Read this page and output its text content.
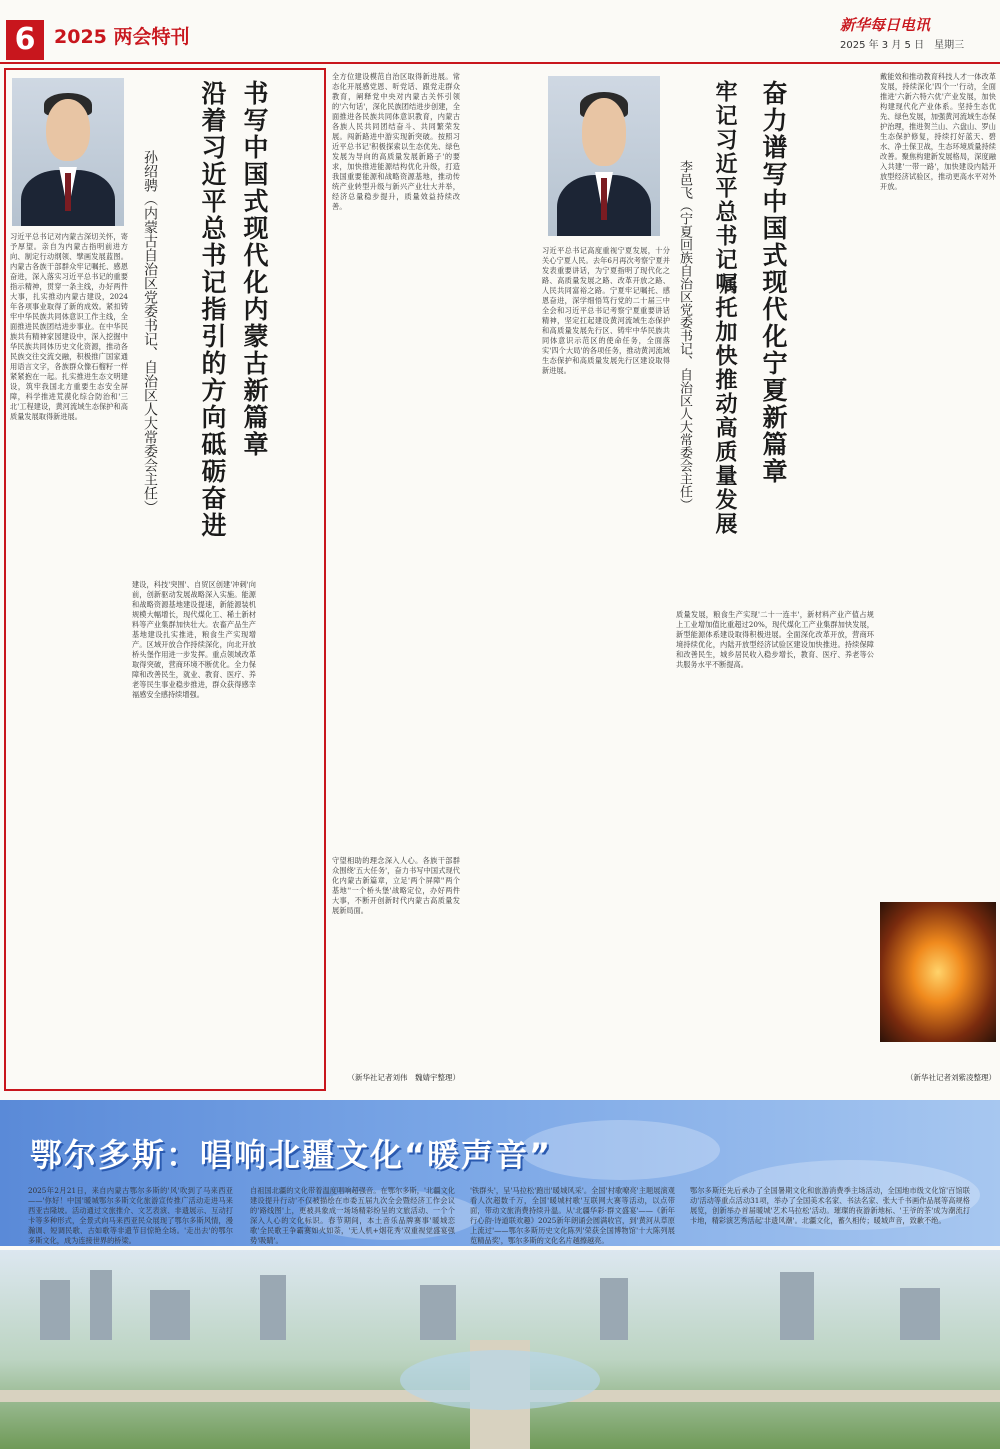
6 2025 两会特刊
新华每日电讯
2025 年 3 月 5 日　星期三
书写中国式现代化内蒙古新篇章
沿着习近平总书记指引的方向砥砺奋进
孙绍骋（内蒙古自治区党委书记、自治区人大常委会主任）
习近平总书记对内蒙古深切关怀，寄予厚望。亲自为内蒙古指明前进方向、制定行动纲领、擘画发展蓝图。内蒙古各族干部群众牢记嘱托、感恩奋进，深入落实习近平总书记的重要指示精神，贯穿一条主线，办好两件大事，扎实推动内蒙古建设，2024年各项事业取得了新的成效。紧扣铸牢中华民族共同体意识工作主线，全面推进民族团结进步事业。在中华民族共有精神家园建设中，深入挖掘中华民族共同体历史文化资源，推动各民族交往交流交融，积极推广国家通用语言文字，各族群众像石榴籽一样紧紧抱在一起。扎实推进生态文明建设，筑牢我国北方重要生态安全屏障，科学推进荒漠化综合防治和'三北'工程建设，黄河流域生态保护和高质量发展取得新进展。
建设，科技'突围'、自贸区创建'冲刺'向前，创新驱动发展战略深入实施。能源和战略资源基地建设提速，新能源装机规模大幅增长，现代煤化工、稀土新材料等产业集群加快壮大。农畜产品生产基地建设扎实推进，粮食生产实现增产。区域开放合作持续深化，向北开放桥头堡作用进一步发挥。重点领域改革取得突破，营商环境不断优化。全力保障和改善民生，就业、教育、医疗、养老等民生事业稳步推进，群众获得感幸福感安全感持续增强。
全方位建设模范自治区取得新进展。常态化开展感党恩、听党话、跟党走群众教育，阐释党中央对内蒙古关怀引领的'六句话'，深化民族团结进步创建，全面推进各民族共同体意识教育，内蒙古各族人民共同团结奋斗、共同繁荣发展。闯新路进中游实现新突破。按照习近平总书记'积极探索以生态优先、绿色发展为导向的高质量发展新路子'的要求，加快推进能源结构优化升级，打造我国重要能源和战略资源基地，推动传统产业转型升级与新兴产业壮大并举，经济总量稳步提升，质量效益持续改善。
守望相助的理念深入人心。各族干部群众围绕'五大任务'，奋力书写中国式现代化内蒙古新篇章，立足'两个屏障''两个基地''一个桥头堡'战略定位，办好两件大事，不断开创新时代内蒙古高质量发展新局面。
（新华社记者刘伟　魏婧宇整理）
奋力谱写中国式现代化宁夏新篇章
牢记习近平总书记嘱托加快推动高质量发展
李邑飞（宁夏回族自治区党委书记、自治区人大常委会主任）
习近平总书记高度重视宁夏发展，十分关心宁夏人民。去年6月再次考察宁夏并发表重要讲话，为宁夏指明了现代化之路、高质量发展之路、改革开放之路、人民共同富裕之路。宁夏牢记嘱托、感恩奋进，深学细悟笃行党的二十届三中全会和习近平总书记考察宁夏重要讲话精神，坚定扛起建设黄河流域生态保护和高质量发展先行区、铸牢中华民族共同体意识示范区的使命任务，全面落实'四个大局'的各项任务，推动黄河流域生态保护和高质量发展先行区建设取得新进展。
质量发展，粮食生产实现'二十一连丰'，新材料产业产值占规上工业增加值比重超过20%，现代煤化工产业集群加快发展，新型能源体系建设取得积极进展。全面深化改革开放，营商环境持续优化，内陆开放型经济试验区建设加快推进。持续保障和改善民生，城乡居民收入稳步增长，教育、医疗、养老等公共服务水平不断提高。
戴能效和推动教育科技人才一体改革发展，持续深化'四个一'行动，全面推进'六新六特六优'产业发展，加快构建现代化产业体系。坚持生态优先、绿色发展，加强黄河流域生态保护治理，推进贺兰山、六盘山、罗山生态保护修复，持续打好蓝天、碧水、净土保卫战，生态环境质量持续改善。聚焦构建新发展格局，深度融入共建'一带一路'，加快建设内陆开放型经济试验区，推动更高水平对外开放。
（新华社记者刘紫凌整理）
鄂尔多斯：唱响北疆文化“暖声音”
2025年2月21日，来自内蒙古鄂尔多斯的'风'吹到了马来西亚——'你好！中国'暖城鄂尔多斯文化旅游宣传推广活动走进马来西亚吉隆坡。活动通过文旅推介、文艺表演、非遗展示、互动打卡等多种形式，全景式向马来西亚民众展现了鄂尔多斯风情，漫瀚调、短调民歌、古如歌等非遗节目惊艳全场。'走出去'的鄂尔多斯文化，成为连接世界的桥梁。
自祖国北疆的文化带着温度唱响超强音。在鄂尔多斯，'北疆文化建设提升行动'不仅被描绘在市委五届九次全会暨经济工作会议的'路线图'上，更被具象成一场场精彩纷呈的文旅活动、一个个深入人心的文化标识。春节期间，本土音乐品牌赛事'暖城恋歌'全民歌王争霸赛如火如荼，'无人机+烟花秀'双重视觉盛宴强势'吸睛'。
'铁群头'，呈'马拉松'跑出'暖城风采'。全国'村歌嘹亮'主题展演观看人次超数千万，全国'暖城村歌'互联网大赛等活动，以点带面，带动文旅消费持续升温。从'北疆华彩·群文盛宴'——《新年行心韵·诗道联欢趣》2025新年朗诵会圆满收官，到'黄河从草原上流过'——鄂尔多斯历史文化陈列'荣获全国博物馆'十大陈列展览精品奖'，鄂尔多斯的文化名片越擦越亮。
鄂尔多斯还先后承办了全国暑期文化和旅游消费季主场活动，全国地市级文化馆'百馆联动'活动等重点活动31项，举办了全国美术名家、书法名家、张大千书画作品展等高规格展览，创新举办首届暖城'艺术马拉松'活动。璀璨的夜游新地标、'王爷的茶'成为潮流打卡地，精彩演艺秀活起'非遗风潮'。北疆文化，蓄久相传；暖城声音，致歉不绝。
